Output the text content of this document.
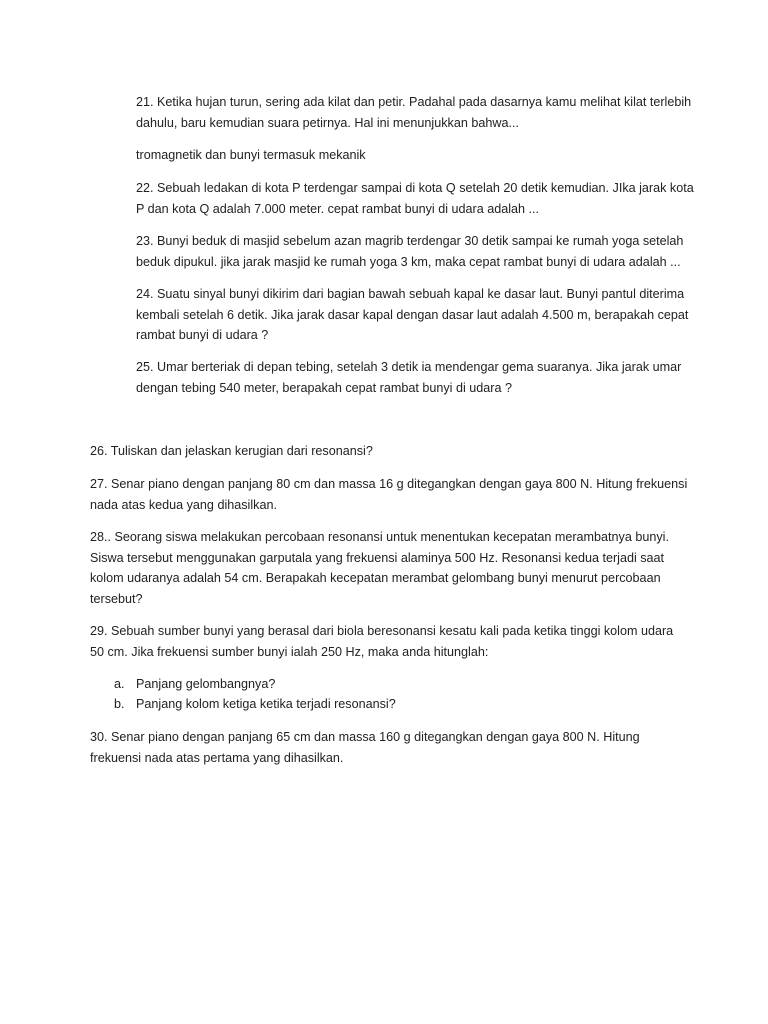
21. Ketika hujan turun, sering ada kilat dan petir. Padahal pada dasarnya kamu melihat kilat terlebih dahulu, baru kemudian suara petirnya. Hal ini menunjukkan bahwa...

tromagnetik dan bunyi termasuk mekanik

22. Sebuah ledakan di kota P terdengar sampai di kota Q setelah 20 detik kemudian. JIka jarak kota P dan kota Q adalah 7.000 meter. cepat rambat bunyi di udara adalah ...

23. Bunyi beduk di masjid sebelum azan magrib terdengar 30 detik sampai ke rumah yoga setelah beduk dipukul. jika jarak masjid ke rumah yoga 3 km, maka cepat rambat bunyi di udara adalah ...

24. Suatu sinyal bunyi dikirim dari bagian bawah sebuah kapal ke dasar laut. Bunyi pantul diterima kembali setelah 6 detik. Jika jarak dasar kapal dengan dasar laut adalah 4.500 m, berapakah cepat rambat bunyi di udara ?

25. Umar berteriak di depan tebing, setelah 3 detik ia mendengar gema suaranya. Jika jarak umar dengan tebing 540 meter, berapakah cepat rambat bunyi di udara ?

26. Tuliskan dan jelaskan kerugian dari resonansi?

27. Senar piano dengan panjang 80 cm dan massa 16 g ditegangkan dengan gaya 800 N. Hitung frekuensi nada atas kedua yang dihasilkan.

28.. Seorang siswa melakukan percobaan resonansi untuk menentukan kecepatan merambatnya bunyi. Siswa tersebut menggunakan garputala yang frekuensi alaminya 500 Hz. Resonansi kedua terjadi saat kolom udaranya adalah 54 cm. Berapakah kecepatan merambat gelombang bunyi menurut percobaan tersebut?

29. Sebuah sumber bunyi yang berasal dari biola beresonansi kesatu kali pada ketika tinggi kolom udara 50 cm. Jika frekuensi sumber bunyi ialah 250 Hz, maka anda hitunglah:

a. Panjang gelombangnya?
b. Panjang kolom ketiga ketika terjadi resonansi?

30. Senar piano dengan panjang 65 cm dan massa 160 g ditegangkan dengan gaya 800 N. Hitung frekuensi nada atas pertama yang dihasilkan.
